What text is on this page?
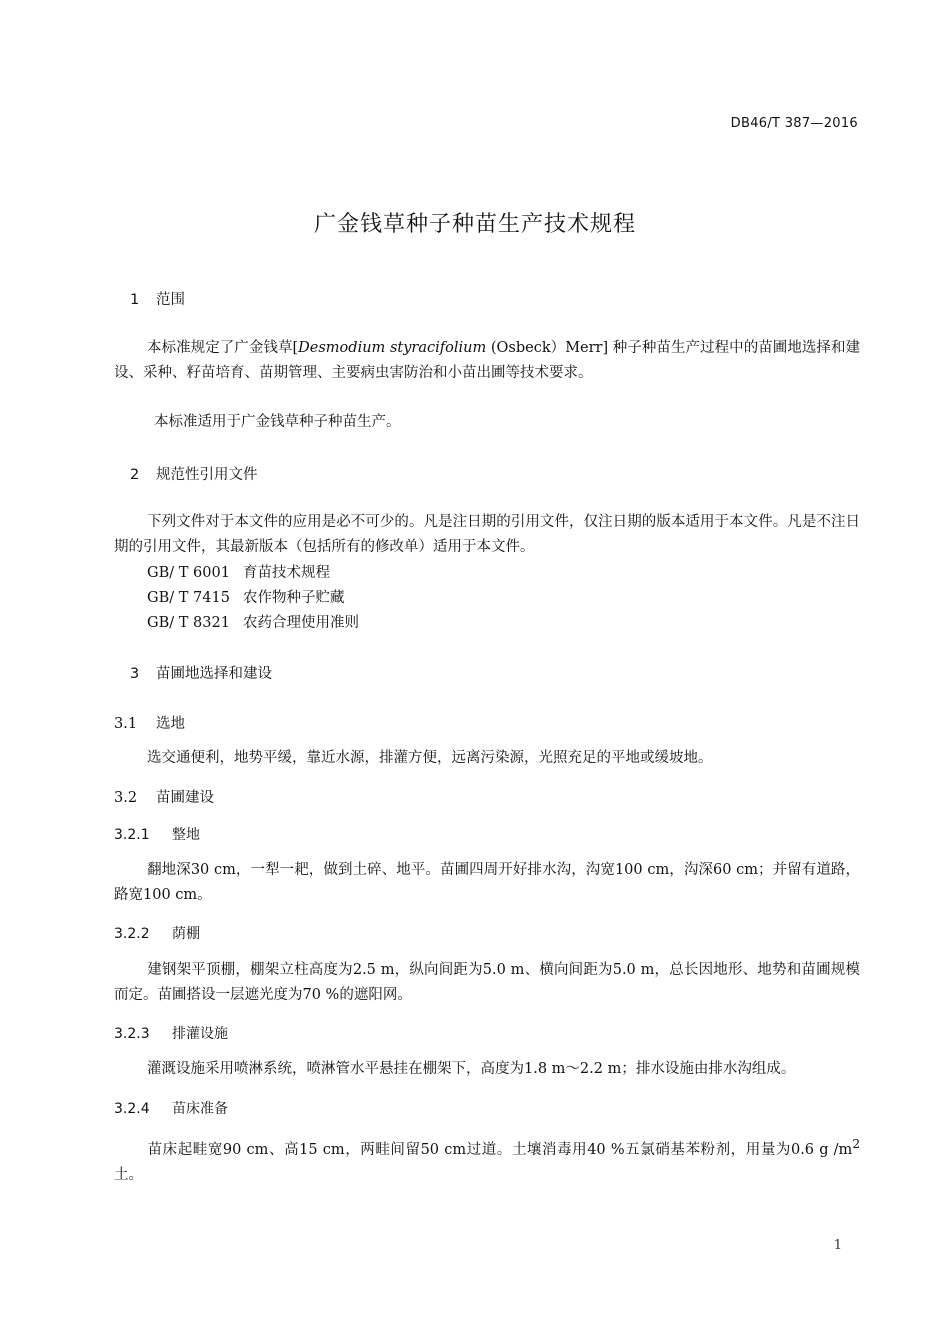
DB46/T 387—2016
广金钱草种子种苗生产技术规程
1 范围
本标准规定了广金钱草[Desmodium styracifolium (Osbeck）Merr] 种子种苗生产过程中的苗圃地选择和建设、采种、籽苗培育、苗期管理、主要病虫害防治和小苗出圃等技术要求。
本标准适用于广金钱草种子种苗生产。
2 规范性引用文件
下列文件对于本文件的应用是必不可少的。凡是注日期的引用文件，仅注日期的版本适用于本文件。凡是不注日期的引用文件，其最新版本（包括所有的修改单）适用于本文件。
GB/ T 6001 育苗技术规程
GB/ T 7415 农作物种子贮藏
GB/ T 8321 农药合理使用准则
3 苗圃地选择和建设
3.1 选地
选交通便利，地势平缓，靠近水源，排灌方便，远离污染源，光照充足的平地或缓坡地。
3.2 苗圃建设
3.2.1 整地
翻地深30 cm，一犁一耙，做到土碎、地平。苗圃四周开好排水沟，沟宽100 cm，沟深60 cm；并留有道路，路宽100 cm。
3.2.2 荫棚
建钢架平顶棚，棚架立柱高度为2.5 m，纵向间距为5.0 m、横向间距为5.0 m，总长因地形、地势和苗圃规模而定。苗圃搭设一层遮光度为70 %的遮阳网。
3.2.3 排灌设施
灌溉设施采用喷淋系统，喷淋管水平悬挂在棚架下，高度为1.8 m～2.2 m；排水设施由排水沟组成。
3.2.4 苗床准备
苗床起畦宽90 cm、高15 cm，两畦间留50 cm过道。土壤消毒用40 %五氯硝基苯粉剂，用量为0.6 g $/m^2$土。
1
